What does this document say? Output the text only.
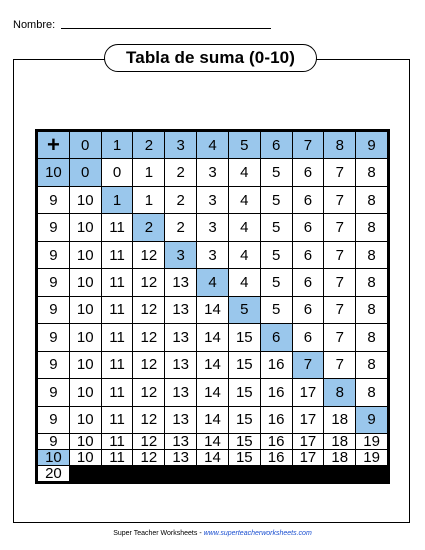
Nombre:
Tabla de suma (0-10)
+	0	1	2	3	4	5	6	7	8	9
10	0	0	1	2	3	4	5	6	7	8
9	10	1	1	2	3	4	5	6	7	8
9	10	11	2	2	3	4	5	6	7	8
9	10	11	12	3	3	4	5	6	7	8
9	10	11	12	13	4	4	5	6	7	8
9	10	11	12	13	14	5	5	6	7	8
9	10	11	12	13	14	15	6	6	7	8
9	10	11	12	13	14	15	16	7	7	8
9	10	11	12	13	14	15	16	17	8	8
9	10	11	12	13	14	15	16	17	18	9
9	10	11	12	13	14	15	16	17	18	19
10	10	11	12	13	14	15	16	17	18	19
20
Super Teacher Worksheets - www.superteacherworksheets.com
